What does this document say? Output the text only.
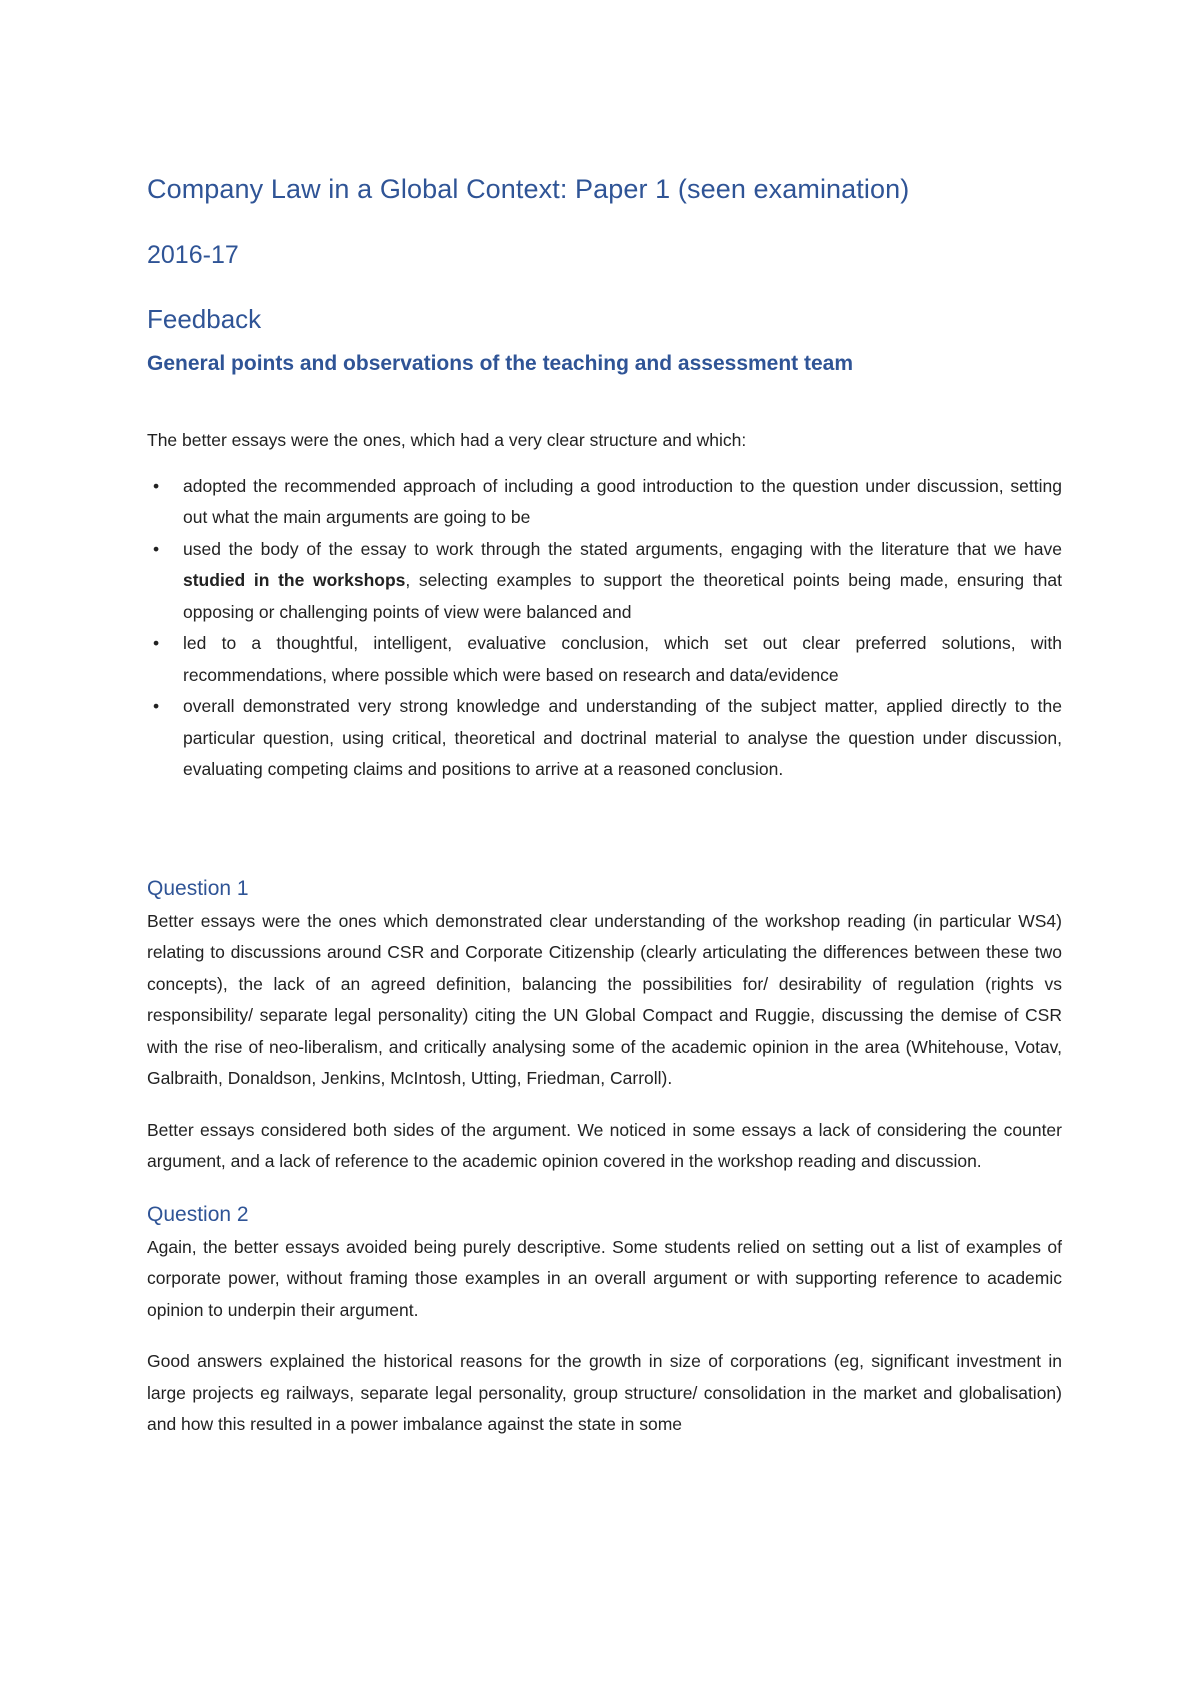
Company Law in a Global Context: Paper 1 (seen examination)
2016-17
Feedback
General points and observations of the teaching and assessment team

The better essays were the ones, which had a very clear structure and which:

• adopted the recommended approach of including a good introduction to the question under discussion, setting out what the main arguments are going to be
• used the body of the essay to work through the stated arguments, engaging with the literature that we have studied in the workshops, selecting examples to support the theoretical points being made, ensuring that opposing or challenging points of view were balanced and
• led to a thoughtful, intelligent, evaluative conclusion, which set out clear preferred solutions, with recommendations, where possible which were based on research and data/evidence
• overall demonstrated very strong knowledge and understanding of the subject matter, applied directly to the particular question, using critical, theoretical and doctrinal material to analyse the question under discussion, evaluating competing claims and positions to arrive at a reasoned conclusion.
Question 1

Better essays were the ones which demonstrated clear understanding of the workshop reading (in particular WS4) relating to discussions around CSR and Corporate Citizenship (clearly articulating the differences between these two concepts), the lack of an agreed definition, balancing the possibilities for/ desirability of regulation (rights vs responsibility/ separate legal personality) citing the UN Global Compact and Ruggie, discussing the demise of CSR with the rise of neo-liberalism, and critically analysing some of the academic opinion in the area (Whitehouse, Votav, Galbraith, Donaldson, Jenkins, McIntosh, Utting, Friedman, Carroll).

Better essays considered both sides of the argument. We noticed in some essays a lack of considering the counter argument, and a lack of reference to the academic opinion covered in the workshop reading and discussion.

Question 2

Again, the better essays avoided being purely descriptive. Some students relied on setting out a list of examples of corporate power, without framing those examples in an overall argument or with supporting reference to academic opinion to underpin their argument.

Good answers explained the historical reasons for the growth in size of corporations (eg, significant investment in large projects eg railways, separate legal personality, group structure/ consolidation in the market and globalisation) and how this resulted in a power imbalance against the state in some
